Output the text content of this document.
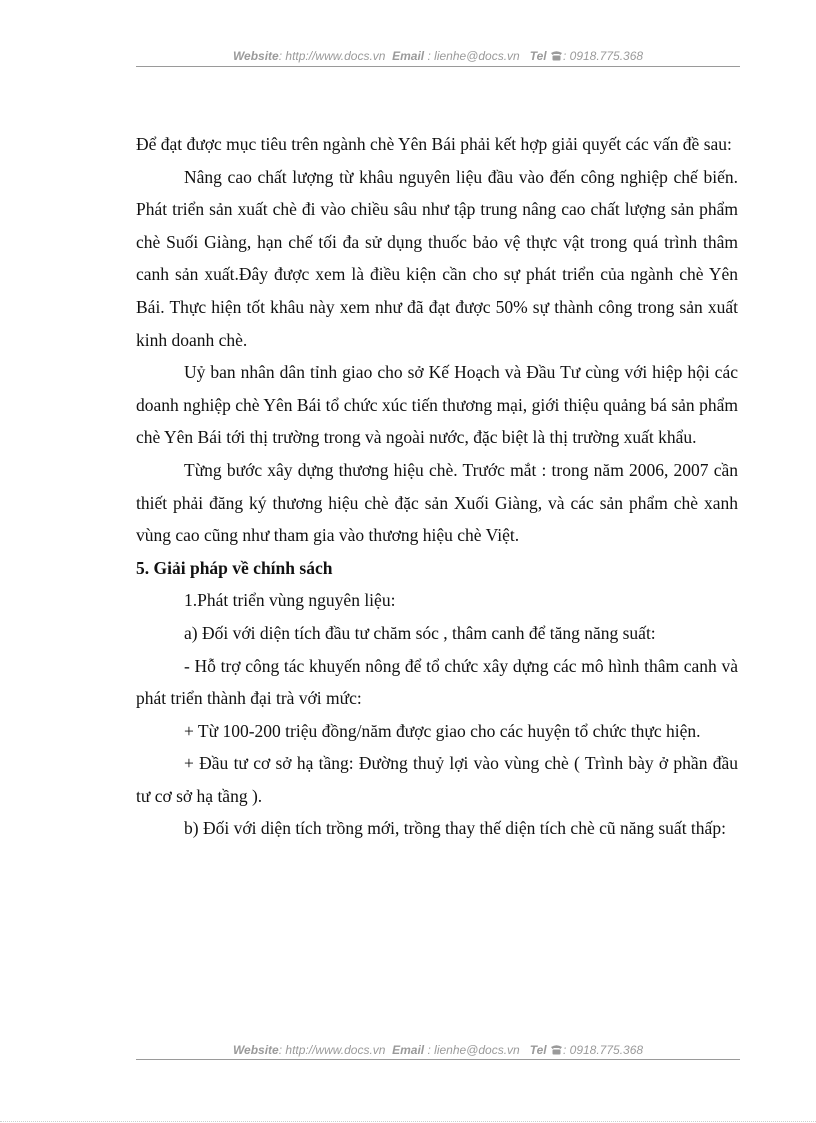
Website: http://www.docs.vn Email : lienhe@docs.vn Tel : 0918.775.368

Để đạt được mục tiêu trên ngành chè Yên Bái phải kết hợp giải quyết các vấn đề sau:

Nâng cao chất lượng từ khâu nguyên liệu đầu vào đến công nghiệp chế biến. Phát triển sản xuất chè đi vào chiều sâu như tập trung nâng cao chất lượng sản phẩm chè Suối Giàng, hạn chế tối đa sử dụng thuốc bảo vệ thực vật trong quá trình thâm canh sản xuất.Đây được xem là điều kiện cần cho sự phát triển của ngành chè Yên Bái. Thực hiện tốt khâu này xem như đã đạt được 50% sự thành công trong sản xuất kinh doanh chè.

Uỷ ban nhân dân tỉnh giao cho sở Kế Hoạch và Đầu Tư cùng với hiệp hội các doanh nghiệp chè Yên Bái tổ chức xúc tiến thương mại, giới thiệu quảng bá sản phẩm chè Yên Bái tới thị trường trong và ngoài nước, đặc biệt là thị trường xuất khẩu.

Từng bước xây dựng thương hiệu chè. Trước mắt : trong năm 2006, 2007 cần thiết phải đăng ký thương hiệu chè đặc sản Xuối Giàng, và các sản phẩm chè xanh vùng cao cũng như tham gia vào thương hiệu chè Việt.

5. Giải pháp về chính sách

1.Phát triển vùng nguyên liệu:

a) Đối với diện tích đầu tư chăm sóc , thâm canh để tăng năng suất:

- Hỗ trợ công tác khuyến nông để tổ chức xây dựng các mô hình thâm canh và phát triển thành đại trà với mức:

+ Từ 100-200 triệu đồng/năm được giao cho các huyện tổ chức thực hiện.

+ Đầu tư cơ sở hạ tầng: Đường thuỷ lợi vào vùng chè ( Trình bày ở phần đầu tư cơ sở hạ tầng ).

b) Đối với diện tích trồng mới, trồng thay thế diện tích chè cũ năng suất thấp:

Website: http://www.docs.vn Email : lienhe@docs.vn Tel : 0918.775.368
